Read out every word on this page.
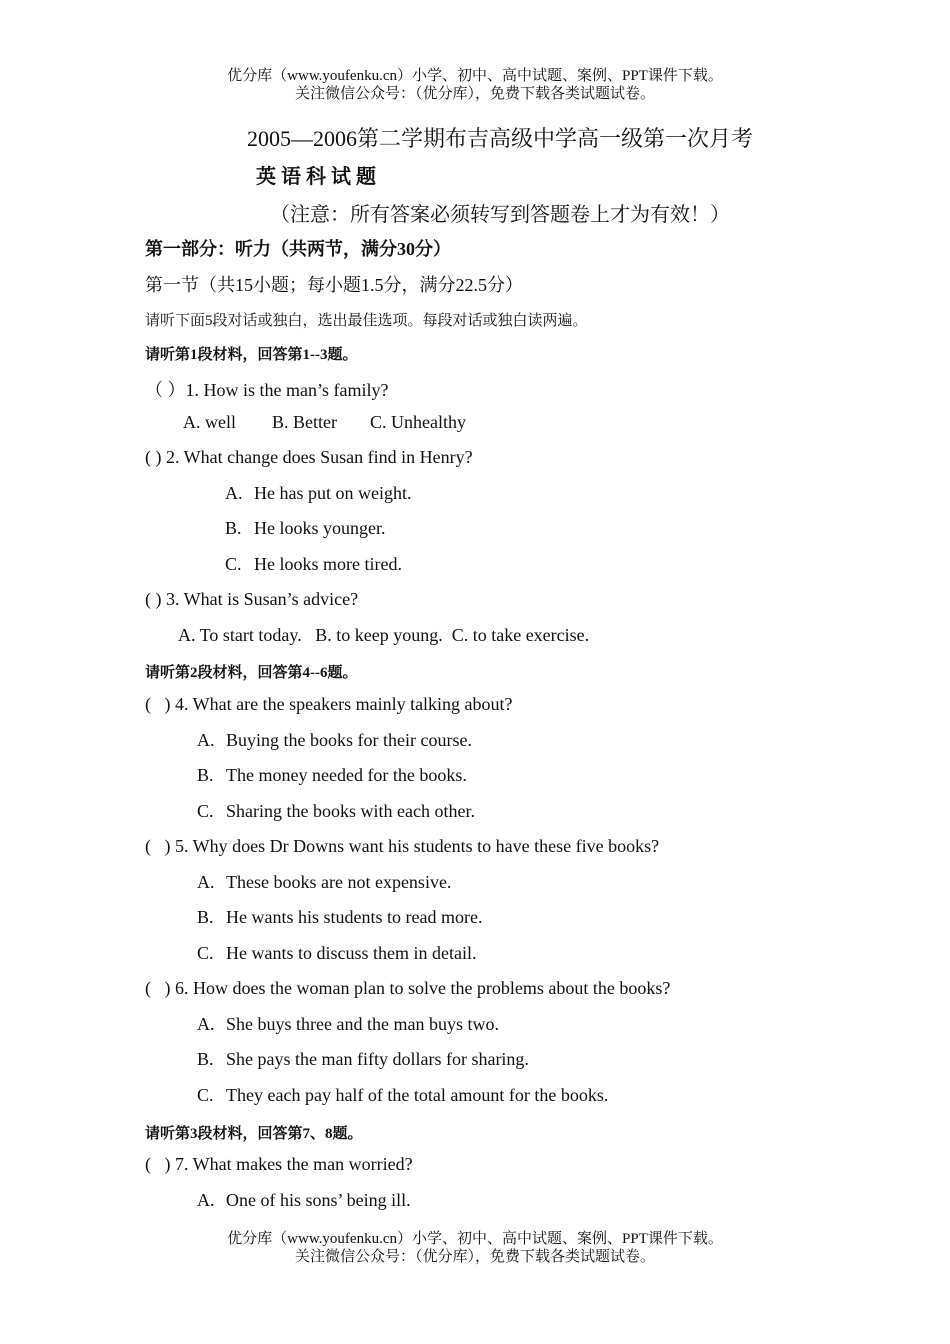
优分库（www.youfenku.cn）小学、初中、高中试题、案例、PPT课件下载。
关注微信公众号：（优分库），免费下载各类试题试卷。
2005—2006第二学期布吉高级中学高一级第一次月考
英语科试题
（注意：所有答案必须转写到答题卷上才为有效！）
第一部分：听力（共两节，满分30分）
第一节（共15小题；每小题1.5分，满分22.5分）
请听下面5段对话或独白，选出最佳选项。每段对话或独白读两遍。
请听第1段材料，回答第1--3题。
（ ）1. How is the man’s family?
A. well B. Better C. Unhealthy
( ) 2. What change does Susan find in Henry?
A. He has put on weight.
B. He looks younger.
C. He looks more tired.
( ) 3. What is Susan’s advice?
A. To start today.   B. to keep young.  C. to take exercise.
请听第2段材料，回答第4--6题。
(   ) 4. What are the speakers mainly talking about?
A. Buying the books for their course.
B. The money needed for the books.
C. Sharing the books with each other.
(   ) 5. Why does Dr Downs want his students to have these five books?
A. These books are not expensive.
B. He wants his students to read more.
C. He wants to discuss them in detail.
(   ) 6. How does the woman plan to solve the problems about the books?
A. She buys three and the man buys two.
B. She pays the man fifty dollars for sharing.
C. They each pay half of the total amount for the books.
请听第3段材料，回答第7、8题。
(   ) 7. What makes the man worried?
A. One of his sons’ being ill.
优分库（www.youfenku.cn）小学、初中、高中试题、案例、PPT课件下载。
关注微信公众号：（优分库），免费下载各类试题试卷。
